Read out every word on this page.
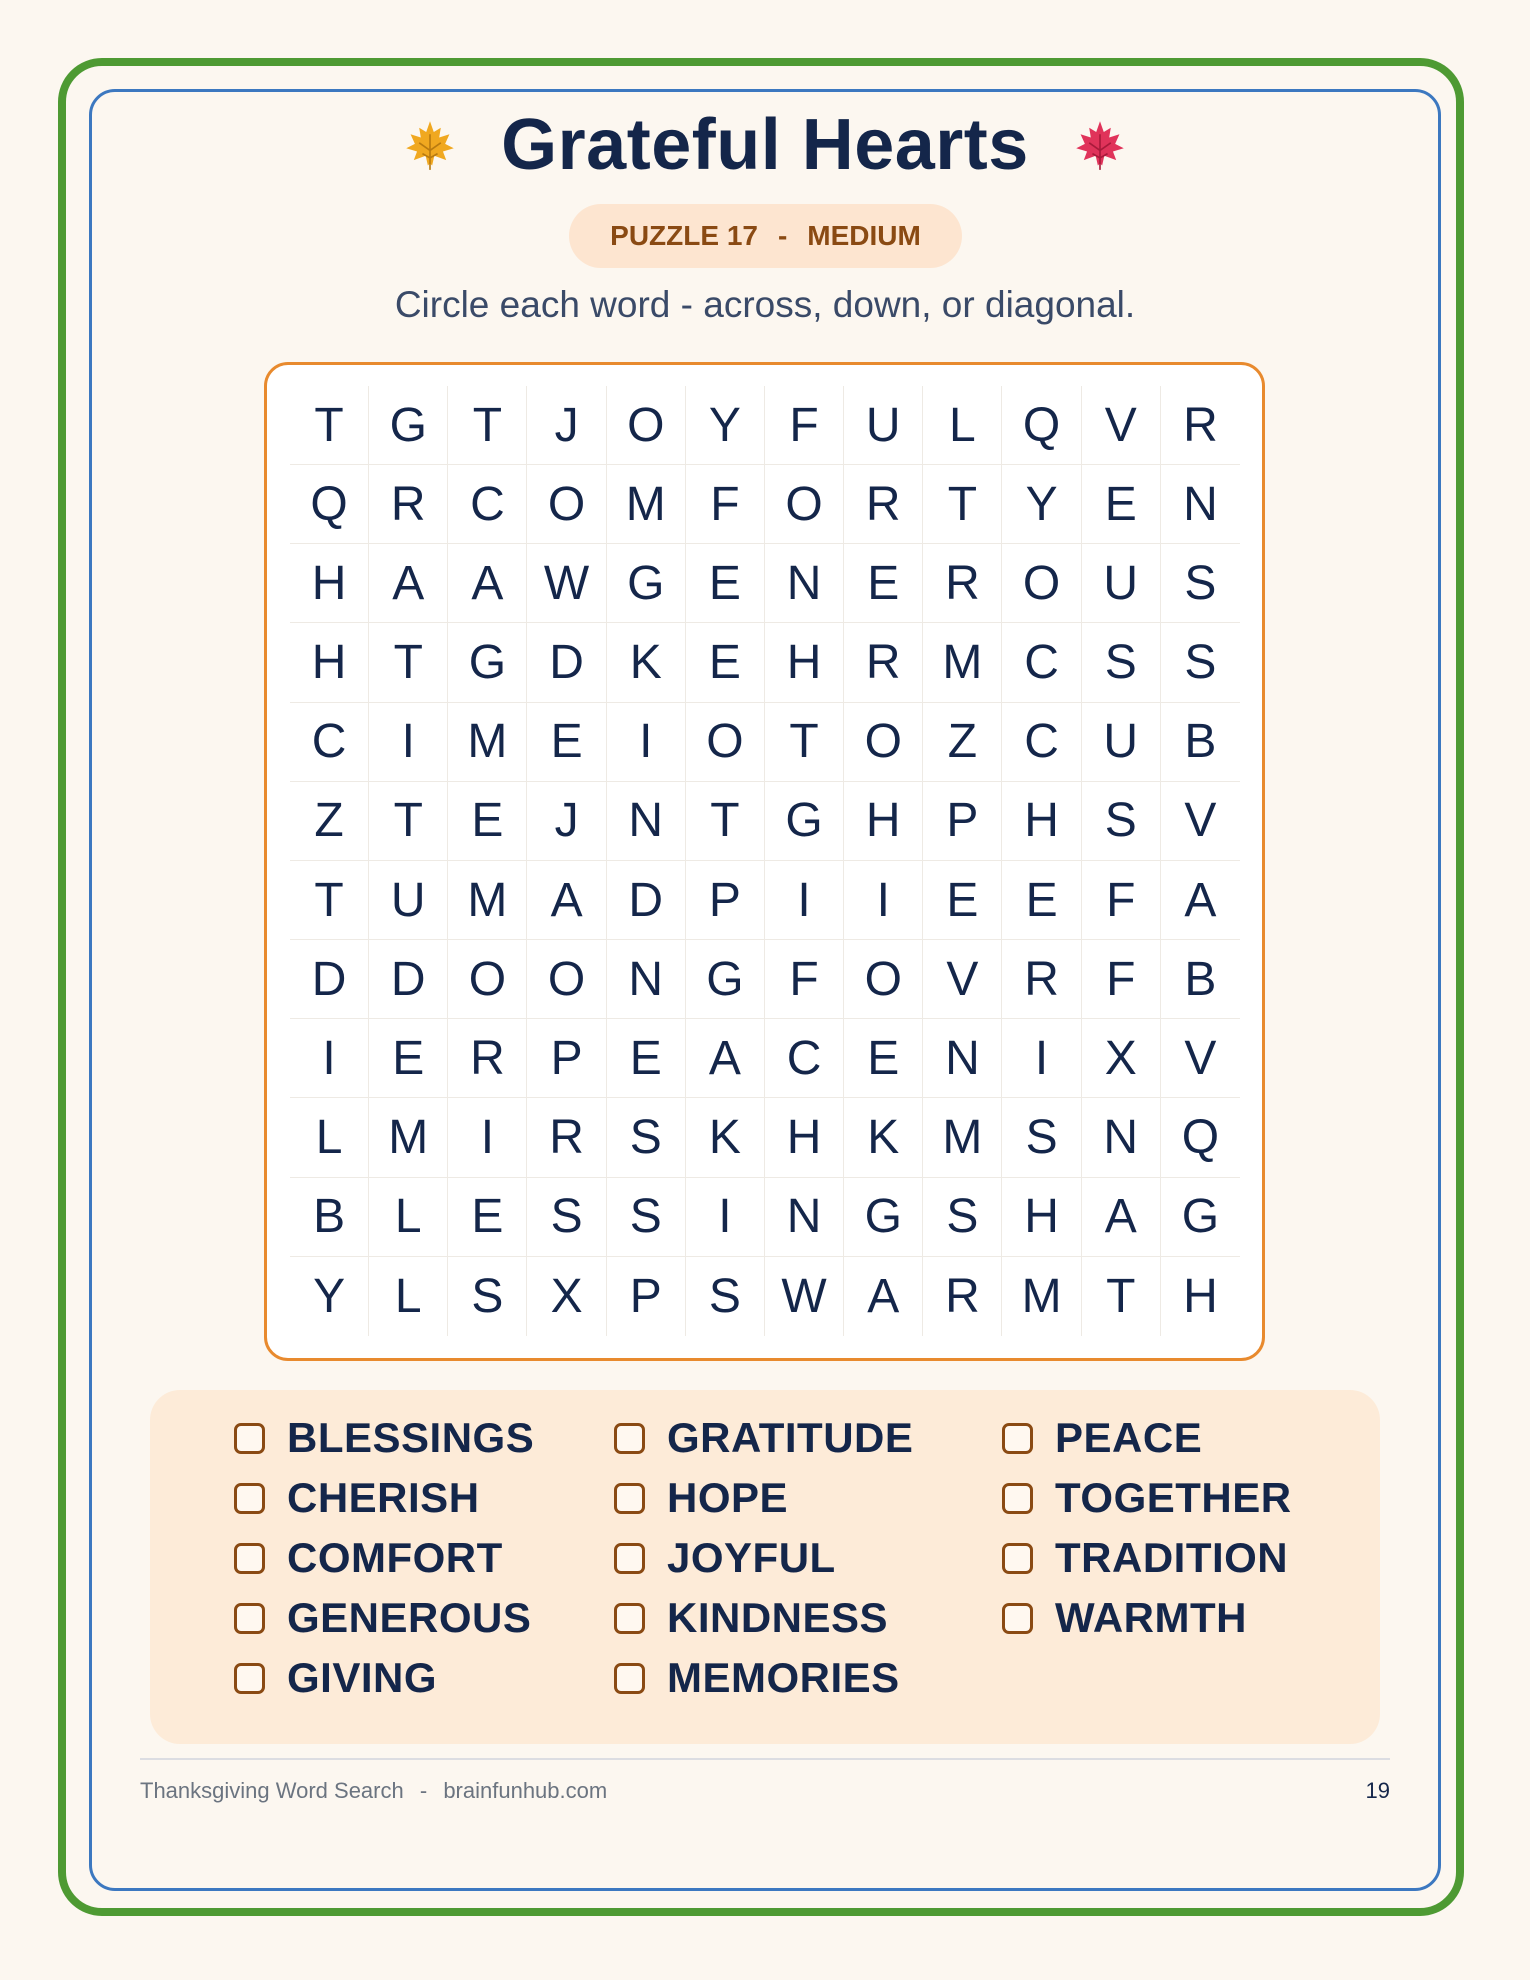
Grateful Hearts
PUZZLE 17 - MEDIUM
Circle each word - across, down, or diagonal.
T G T	J	O Y	F U	L Q V R
Q R C O M F O R T	Y E N
H A A W G E N E R O U S
H T G D K E H R M C S S
C	I	M E	I	O T O Z C U B
Z	T	E	J	N T G H P H S V
T U M A D P	I	I	E E	F	A
D D O O N G F O V R F	B
I	E R P E A C E N	I	X V
L M	I	R S K H K M S N Q
B	L	E S S	I	N G S H A G
Y	L	S X P S W A R M T H
BLESSINGS
CHERISH
COMFORT
GENEROUS
GIVING
GRATITUDE
HOPE
JOYFUL
KINDNESS
MEMORIES
PEACE
TOGETHER
TRADITION
WARMTH
Thanksgiving Word Search - brainfunhub.com	19
